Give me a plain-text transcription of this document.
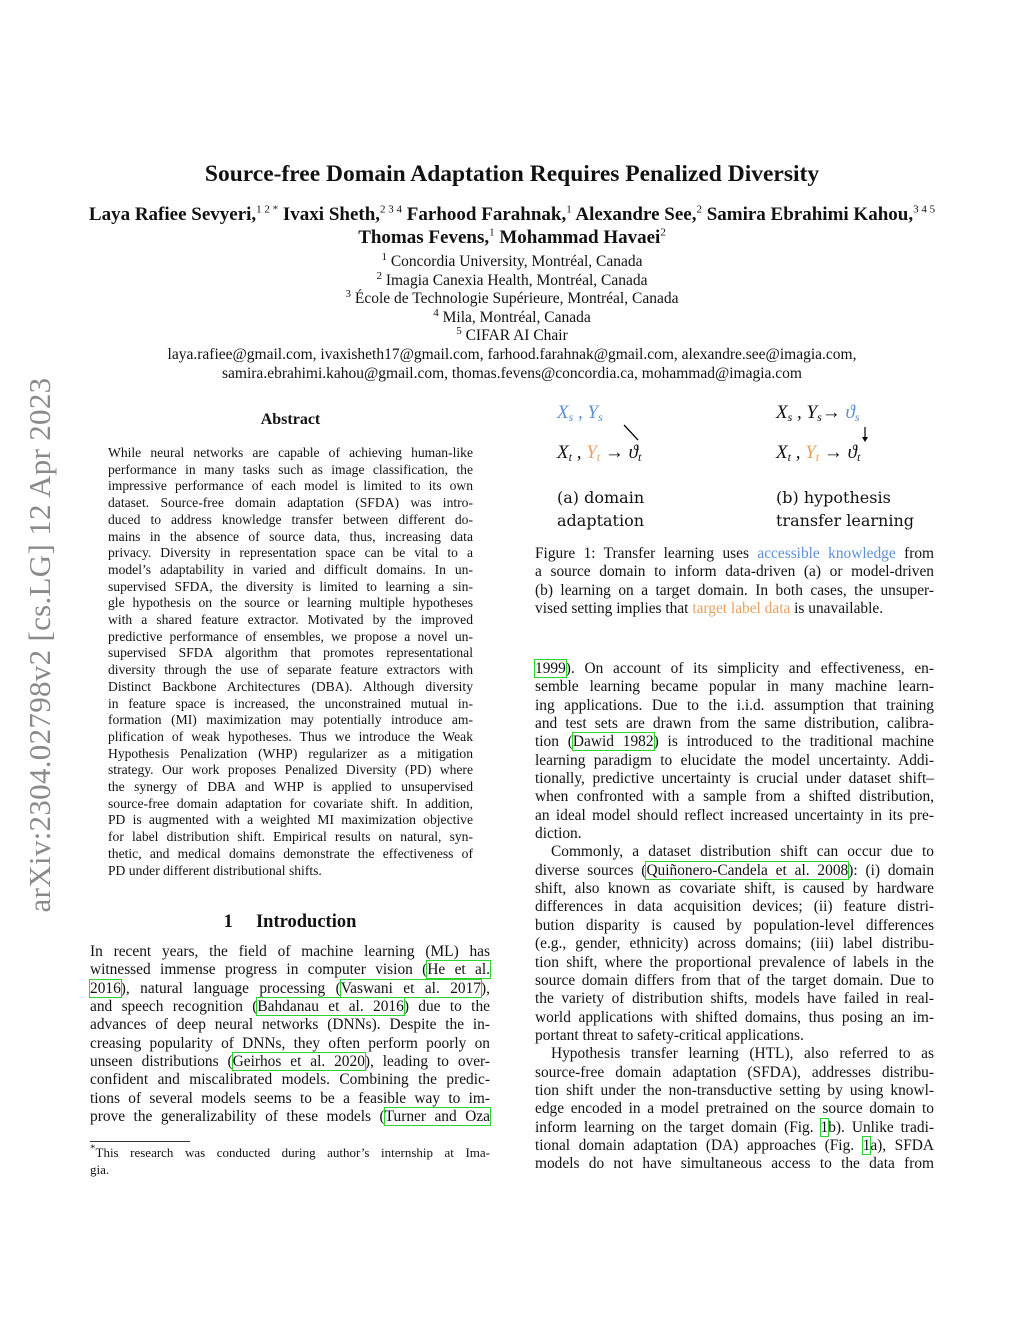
arXiv:2304.02798v2 [cs.LG] 12 Apr 2023
Source-free Domain Adaptation Requires Penalized Diversity
Laya Rafiee Sevyeri,$^{1 2 *}$ Ivaxi Sheth,$^{2 3 4}$ Farhood Farahnak,$^1$ Alexandre See,$^2$ Samira Ebrahimi Kahou,$^{3 4 5}$ Thomas Fevens,$^1$ Mohammad Havaei$^2$
$^1$ Concordia University, Montréal, Canada
$^2$ Imagia Canexia Health, Montréal, Canada
$^3$ École de Technologie Supérieure, Montréal, Canada
$^4$ Mila, Montréal, Canada
$^5$ CIFAR AI Chair
laya.rafiee@gmail.com, ivaxisheth17@gmail.com, farhood.farahnak@gmail.com, alexandre.see@imagia.com,
samira.ebrahimi.kahou@gmail.com, thomas.fevens@concordia.ca, mohammad@imagia.com
Abstract
While neural networks are capable of achieving human-like
performance in many tasks such as image classification, the
impressive performance of each model is limited to its own
dataset. Source-free domain adaptation (SFDA) was intro-
duced to address knowledge transfer between different do-
mains in the absence of source data, thus, increasing data
privacy. Diversity in representation space can be vital to a
model’s adaptability in varied and difficult domains. In un-
supervised SFDA, the diversity is limited to learning a sin-
gle hypothesis on the source or learning multiple hypotheses
with a shared feature extractor. Motivated by the improved
predictive performance of ensembles, we propose a novel un-
supervised SFDA algorithm that promotes representational
diversity through the use of separate feature extractors with
Distinct Backbone Architectures (DBA). Although diversity
in feature space is increased, the unconstrained mutual in-
formation (MI) maximization may potentially introduce am-
plification of weak hypotheses. Thus we introduce the Weak
Hypothesis Penalization (WHP) regularizer as a mitigation
strategy. Our work proposes Penalized Diversity (PD) where
the synergy of DBA and WHP is applied to unsupervised
source-free domain adaptation for covariate shift. In addition,
PD is augmented with a weighted MI maximization objective
for label distribution shift. Empirical results on natural, syn-
thetic, and medical domains demonstrate the effectiveness of
PD under different distributional shifts.
1     Introduction
In recent years, the field of machine learning (ML) has
witnessed immense progress in computer vision (He et al.
2016), natural language processing (Vaswani et al. 2017),
and speech recognition (Bahdanau et al. 2016) due to the
advances of deep neural networks (DNNs). Despite the in-
creasing popularity of DNNs, they often perform poorly on
unseen distributions (Geirhos et al. 2020), leading to over-
confident and miscalibrated models. Combining the predic-
tions of several models seems to be a feasible way to im-
prove the generalizability of these models (Turner and Oza
*This research was conducted during author’s internship at Ima-
gia.
$X_s$ , $Y_s$
$X_t$ , $Y_t \to ϑ_t$
(a) domain
adaptation
$X_s$ , $Y_s\to ϑ_s$
$X_t$ , $Y_t \to ϑ_t$
(b) hypothesis
transfer learning
Figure 1: Transfer learning uses accessible knowledge from
a source domain to inform data-driven (a) or model-driven
(b) learning on a target domain. In both cases, the unsuper-
vised setting implies that target label data is unavailable.
1999). On account of its simplicity and effectiveness, en-
semble learning became popular in many machine learn-
ing applications. Due to the i.i.d. assumption that training
and test sets are drawn from the same distribution, calibra-
tion (Dawid 1982) is introduced to the traditional machine
learning paradigm to elucidate the model uncertainty. Addi-
tionally, predictive uncertainty is crucial under dataset shift–
when confronted with a sample from a shifted distribution,
an ideal model should reflect increased uncertainty in its pre-
diction.
Commonly, a dataset distribution shift can occur due to
diverse sources (Quiñonero-Candela et al. 2008): (i) domain
shift, also known as covariate shift, is caused by hardware
differences in data acquisition devices; (ii) feature distri-
bution disparity is caused by population-level differences
(e.g., gender, ethnicity) across domains; (iii) label distribu-
tion shift, where the proportional prevalence of labels in the
source domain differs from that of the target domain. Due to
the variety of distribution shifts, models have failed in real-
world applications with shifted domains, thus posing an im-
portant threat to safety-critical applications.
Hypothesis transfer learning (HTL), also referred to as
source-free domain adaptation (SFDA), addresses distribu-
tion shift under the non-transductive setting by using knowl-
edge encoded in a model pretrained on the source domain to
inform learning on the target domain (Fig. 1b). Unlike tradi-
tional domain adaptation (DA) approaches (Fig. 1a), SFDA
models do not have simultaneous access to the data from
